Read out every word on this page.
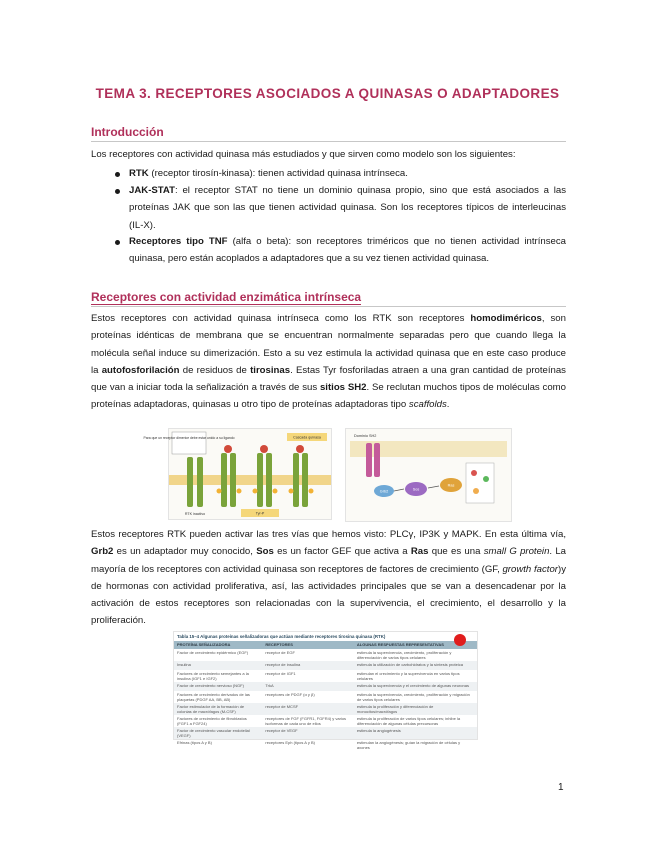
TEMA 3. RECEPTORES ASOCIADOS A QUINASAS O ADAPTADORES
Introducción

Los receptores con actividad quinasa más estudiados y que sirven como modelo son los siguientes:

RTK (receptor tirosín-kinasa): tienen actividad quinasa intrínseca.

JAK-STAT: el receptor STAT no tiene un dominio quinasa propio, sino que está asociados a las proteínas JAK que son las que tienen actividad quinasa. Son los receptores típicos de interleucinas (IL-X).

Receptores tipo TNF (alfa o beta): son receptores triméricos que no tienen actividad intrínseca quinasa, pero están acoplados a adaptadores que a su vez tienen actividad quinasa.

Receptores con actividad enzimática intrínseca

Estos receptores con actividad quinasa intrínseca como los RTK son receptores homodiméricos, son proteínas idénticas de membrana que se encuentran normalmente separadas pero que cuando llega la molécula señal induce su dimerización. Esto a su vez estimula la actividad quinasa que en este caso produce la autofosforilación de residuos de tirosinas. Estas Tyr fosforiladas atraen a una gran cantidad de proteínas que van a iniciar toda la señalización a través de sus sitios SH2. Se reclutan muchos tipos de moléculas como proteínas adaptadoras, quinasas u otro tipo de proteínas adaptadoras tipo scaffolds.

Para que un receptor dimerice debe estar unido a su ligando	Cascada quinasa
Tyr-P
RTK inactivo
Dominio SH2
Grb2	Sos
Ras

Estos receptores RTK pueden activar las tres vías que hemos visto: PLCγ, IP3K y MAPK. En esta última vía, Grb2 es un adaptador muy conocido, Sos es un factor GEF que activa a Ras que es una small G protein. La mayoría de los receptores con actividad quinasa son receptores de factores de crecimiento (GF, growth factor)y de hormonas con actividad proliferativa, así, las actividades principales que se van a desencadenar por la activación de estos receptores son relacionadas con la supervivencia, el crecimiento, el desarrollo y la proliferación.

Tabla 15–4 Algunas proteínas señalizadoras que actúan mediante receptores tirosina quinasa (RTK)
PROTEÍNA SEÑALIZADORA	RECEPTORES	ALGUNAS RESPUESTAS REPRESENTATIVAS
Factor de crecimiento epidérmico (EGF)	receptor de EGF	estimula la supervivencia, crecimiento, proliferación y diferenciación de varios tipos celulares
Insulina	receptor de insulina	estimula la utilización de carbohidratos y la síntesis proteica
Factores de crecimiento semejantes a la insulina (IGF1 e IGF2)	receptor de IGF1	estimulan el crecimiento y la supervivencia en varios tipos celulares
Factor de crecimiento nervioso (NGF)	TrkA	estimula la supervivencia y el crecimiento de algunas neuronas
Factores de crecimiento derivados de las plaquetas (PDGF AA, BB, AB)	receptores de PDGF (α y β)	estimula la supervivencia, crecimiento, proliferación y migración de varios tipos celulares
Factor estimulador de la formación de colonias de macrófagos (M-CSF)	receptor de MCSF	estimula la proliferación y diferenciación de monocitos/macrófagos
Factores de crecimiento de fibroblastos (FGF1 a FGF24)	receptores de FGF (FGFR1, FGFR4) y varios isoformas de cada uno de ellos	estimula la proliferación de varios tipos celulares; inhibe la diferenciación de algunas células precursoras
Factor de crecimiento vascular endotelial (VEGF)	receptor de VEGF	estimula la angiogénesis
Efrinas (tipos A y B)	receptores Eph (tipos A y B)	estimulan la angiogénesis; guían la migración de células y axones
1
